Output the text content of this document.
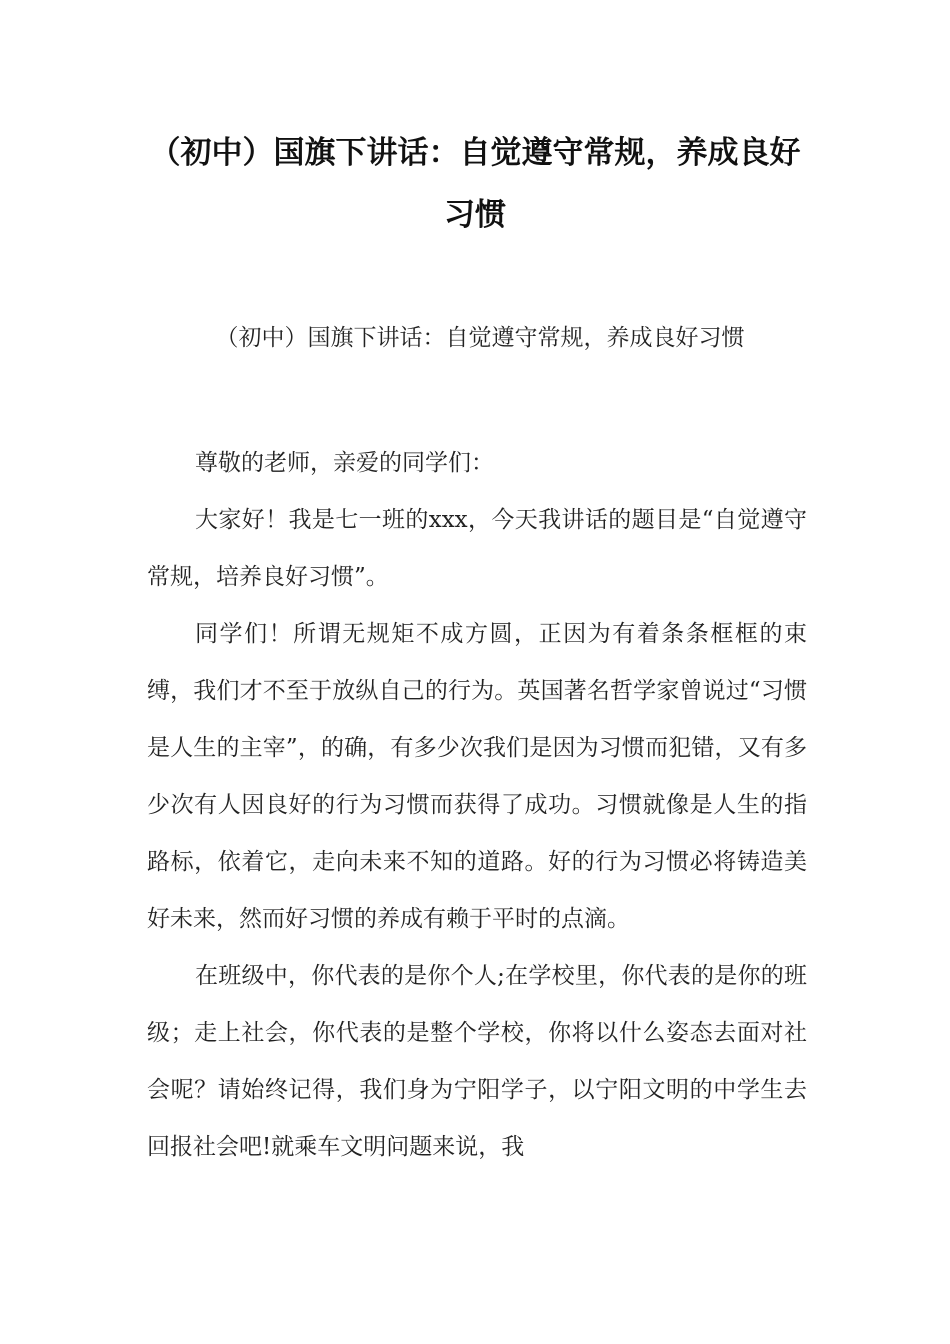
（初中）国旗下讲话：自觉遵守常规，养成良好习惯

（初中）国旗下讲话：自觉遵守常规，养成良好习惯

尊敬的老师，亲爱的同学们：

大家好！我是七一班的xxx，今天我讲话的题目是“自觉遵守常规，培养良好习惯”。

同学们！所谓无规矩不成方圆，正因为有着条条框框的束缚，我们才不至于放纵自己的行为。英国著名哲学家曾说过“习惯是人生的主宰”，的确，有多少次我们是因为习惯而犯错，又有多少次有人因良好的行为习惯而获得了成功。习惯就像是人生的指路标，依着它，走向未来不知的道路。好的行为习惯必将铸造美好未来，然而好习惯的养成有赖于平时的点滴。

在班级中，你代表的是你个人;在学校里，你代表的是你的班级；走上社会，你代表的是整个学校，你将以什么姿态去面对社会呢？请始终记得，我们身为宁阳学子，以宁阳文明的中学生去回报社会吧!就乘车文明问题来说，我
